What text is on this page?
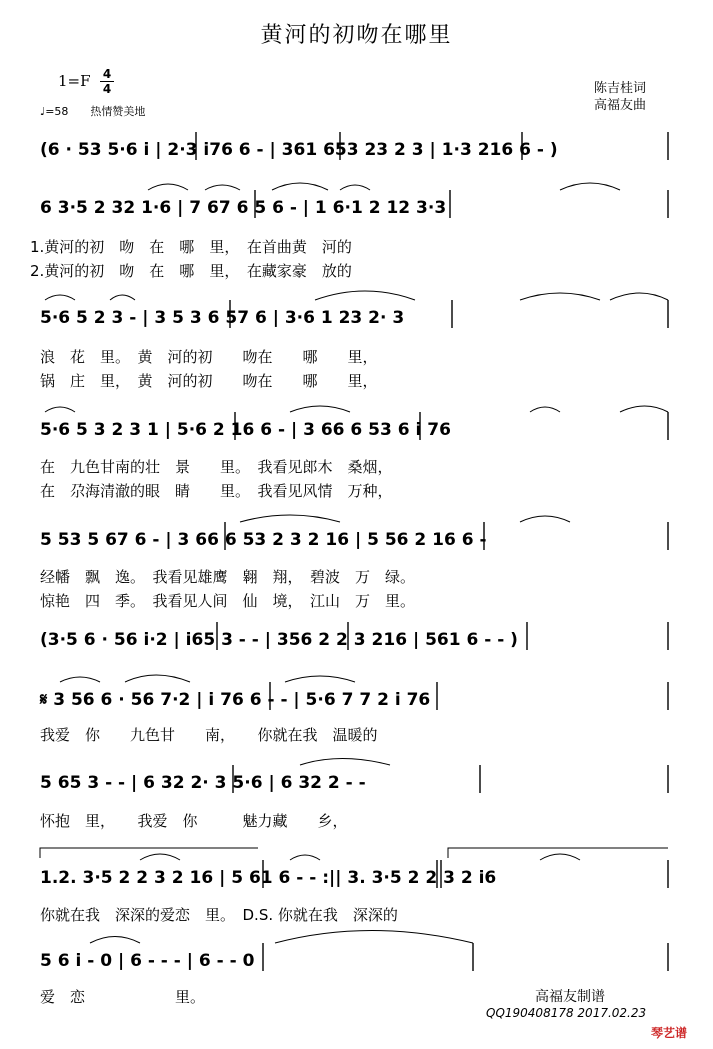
黄河的初吻在哪里
1=F 4
4
♩=58　　热情赞美地
陈吉桂词
高福友曲
(6 · 53 5·6 i | 2·3 i76 6 - | 361 653 23 2 3 | 1·3 216 6 - )
6 3·5 2 32 1·6 | 7 67 6 5 6 - | 1 6·1 2 12 3·3
5·6 5 2 3 - | 3 5 3 6 57 6 | 3·6 1 23 2· 3
5·6 5 3 2 3 1 | 5·6 2 16 6 - | 3 66 6 53 6 i 76
5 53 5 67 6 - | 3 66 6 53 2 3 2 16 | 5 56 2 16 6 -
(3·5 6 · 56 i·2 | i65 3 - - | 356 2 2 3 216 | 561 6 - - )
𝄋 3 56 6 · 56 7·2 | i 76 6 - - | 5·6 7 7 2 i 76
5 65 3 - - | 6 32 2· 3 5·6 | 6 32 2 - -
1.2. 3·5 2 2 3 2 16 | 5 61 6 - - :|| 3. 3·5 2 2 3 2 i6
5 6 i - 0 | 6 - - - | 6 - - 0
1.黄河的初　吻　在　哪　里，　在首曲黄　河的
2.黄河的初　吻　在　哪　里，　在藏家豪　放的
浪　花　里。　黄　河的初　　吻在　　哪　　里，
锅　庄　里，　黄　河的初　　吻在　　哪　　里，
在　九色甘南的壮　景　　里。　我看见郎木　桑烟，
在　尕海清澈的眼　睛　　里。　我看见风情　万种，
经幡　飘　逸。　我看见雄鹰　翱　翔，　碧波　万　绿。
惊艳　四　季。　我看见人间　仙　境，　江山　万　里。
我爱　你　　九色甘　　南，　　你就在我　温暖的
怀抱　里，　　我爱　你　　　魅力藏　　乡，
你就在我　深深的爱恋　里。　D.S. 你就在我　深深的
爱　恋　　　　　　里。	高福友制谱
QQ190408178 2017.02.23
琴艺谱
